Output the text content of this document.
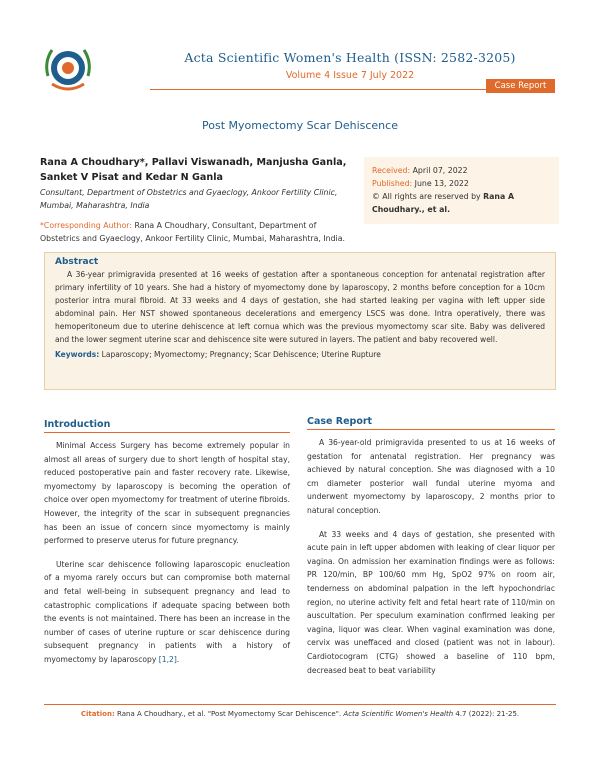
Acta Scientific Women's Health (ISSN: 2582-3205)
Volume 4 Issue 7 July 2022
Case Report
Post Myomectomy Scar Dehiscence
Rana A Choudhary*, Pallavi Viswanadh, Manjusha Ganla, Sanket V Pisat and Kedar N Ganla
Consultant, Department of Obstetrics and Gyaeclogy, Ankoor Fertility Clinic,
Mumbai, Maharashtra, India
*Corresponding Author: Rana A Choudhary, Consultant, Department of Obstetrics and Gyaeclogy, Ankoor Fertility Clinic, Mumbai, Maharashtra, India.
Received: April 07, 2022
Published: June 13, 2022
© All rights are reserved by Rana A Choudhary., et al.
Abstract

A 36-year primigravida presented at 16 weeks of gestation after a spontaneous conception for antenatal registration after primary infertility of 10 years. She had a history of myomectomy done by laparoscopy, 2 months before conception for a 10cm posterior intra mural fibroid. At 33 weeks and 4 days of gestation, she had started leaking per vagina with left upper side abdominal pain. Her NST showed spontaneous decelerations and emergency LSCS was done. Intra operatively, there was hemoperitoneum due to uterine dehiscence at left cornua which was the previous myomectomy scar site. Baby was delivered and the lower segment uterine scar and dehiscence site were sutured in layers. The patient and baby recovered well.

Keywords: Laparoscopy; Myomectomy; Pregnancy; Scar Dehiscence; Uterine Rupture
Introduction

Minimal Access Surgery has become extremely popular in almost all areas of surgery due to short length of hospital stay, reduced postoperative pain and faster recovery rate. Likewise, myomectomy by laparoscopy is becoming the operation of choice over open myomectomy for treatment of uterine fibroids. However, the integrity of the scar in subsequent pregnancies has been an issue of concern since myomectomy is mainly performed to preserve uterus for future pregnancy.

Uterine scar dehiscence following laparoscopic enucleation of a myoma rarely occurs but can compromise both maternal and fetal well-being in subsequent pregnancy and lead to catastrophic complications if adequate spacing between both the events is not maintained. There has been an increase in the number of cases of uterine rupture or scar dehiscence during subsequent pregnancy in patients with a history of myomectomy by laparoscopy [1,2].

Case Report

A 36-year-old primigravida presented to us at 16 weeks of gestation for antenatal registration. Her pregnancy was achieved by natural conception. She was diagnosed with a 10 cm diameter posterior wall fundal uterine myoma and underwent myomectomy by laparoscopy, 2 months prior to natural conception.

At 33 weeks and 4 days of gestation, she presented with acute pain in left upper abdomen with leaking of clear liquor per vagina. On admission her examination findings were as follows: PR 120/min, BP 100/60 mm Hg, SpO2 97% on room air, tenderness on abdominal palpation in the left hypochondriac region, no uterine activity felt and fetal heart rate of 110/min on auscultation. Per speculum examination confirmed leaking per vagina, liquor was clear. When vaginal examination was done, cervix was uneffaced and closed (patient was not in labour). Cardiotocogram (CTG) showed a baseline of 110 bpm, decreased beat to beat variability

Citation: Rana A Choudhary., et al. "Post Myomectomy Scar Dehiscence". Acta Scientific Women's Health 4.7 (2022): 21-25.
